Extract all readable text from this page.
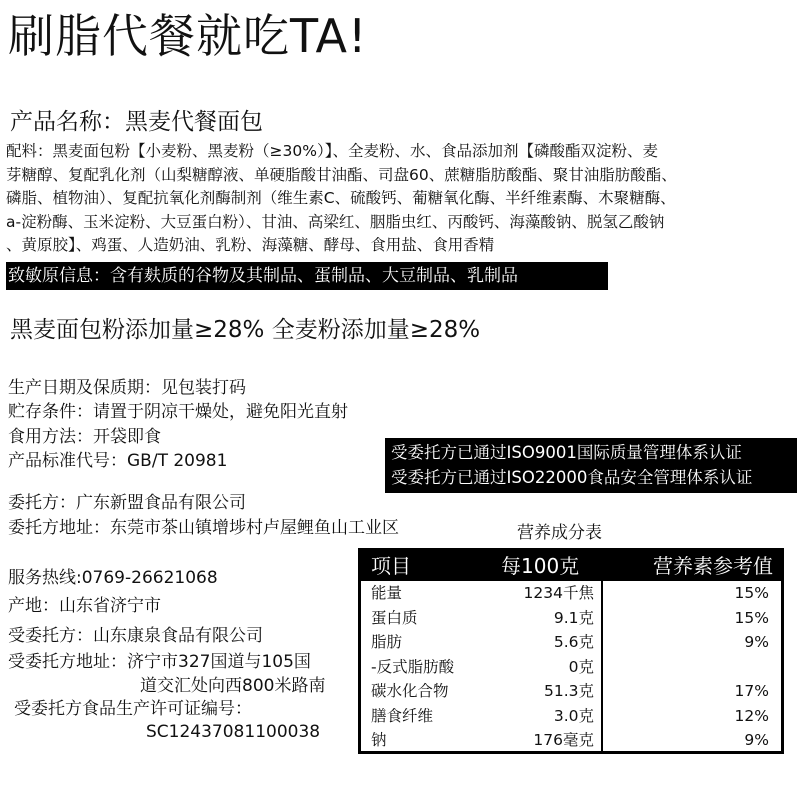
刷脂代餐就吃TA!
产品名称：黑麦代餐面包
配料：黑麦面包粉【小麦粉、黑麦粉（≥30%）】、全麦粉、水、食品添加剂【磷酸酯双淀粉、麦
芽糖醇、复配乳化剂（山梨糖醇液、单硬脂酸甘油酯、司盘60、蔗糖脂肪酸酯、聚甘油脂肪酸酯、
磷脂、植物油）、复配抗氧化剂酶制剂（维生素C、硫酸钙、葡糖氧化酶、半纤维素酶、木聚糖酶、
a-淀粉酶、玉米淀粉、大豆蛋白粉）、甘油、高梁红、胭脂虫红、丙酸钙、海藻酸钠、脱氢乙酸钠
、黄原胶】、鸡蛋、人造奶油、乳粉、海藻糖、酵母、食用盐、食用香精
致敏原信息：含有麸质的谷物及其制品、蛋制品、大豆制品、乳制品
黑麦面包粉添加量≥28% 全麦粉添加量≥28%
生产日期及保质期：见包装打码
贮存条件：请置于阴凉干燥处，避免阳光直射
食用方法：开袋即食
产品标准代号：GB/T 20981	受委托方已通过ISO9001国际质量管理体系认证
受委托方已通过ISO22000食品安全管理体系认证
委托方：广东新盟食品有限公司
委托方地址：东莞市茶山镇增埗村卢屋鲤鱼山工业区
服务热线:0769-26621068
产地：山东省济宁市
受委托方：山东康泉食品有限公司
受委托方地址：济宁市327国道与105国
道交汇处向西800米路南
受委托方食品生产许可证编号：
SC12437081100038
营养成分表
项目	每100克	营养素参考值
能量	1234千焦	15%
蛋白质	9.1克	15%
脂肪	5.6克	9%
-反式脂肪酸	0克
碳水化合物	51.3克	17%
膳食纤维	3.0克	12%
钠	176毫克	9%
